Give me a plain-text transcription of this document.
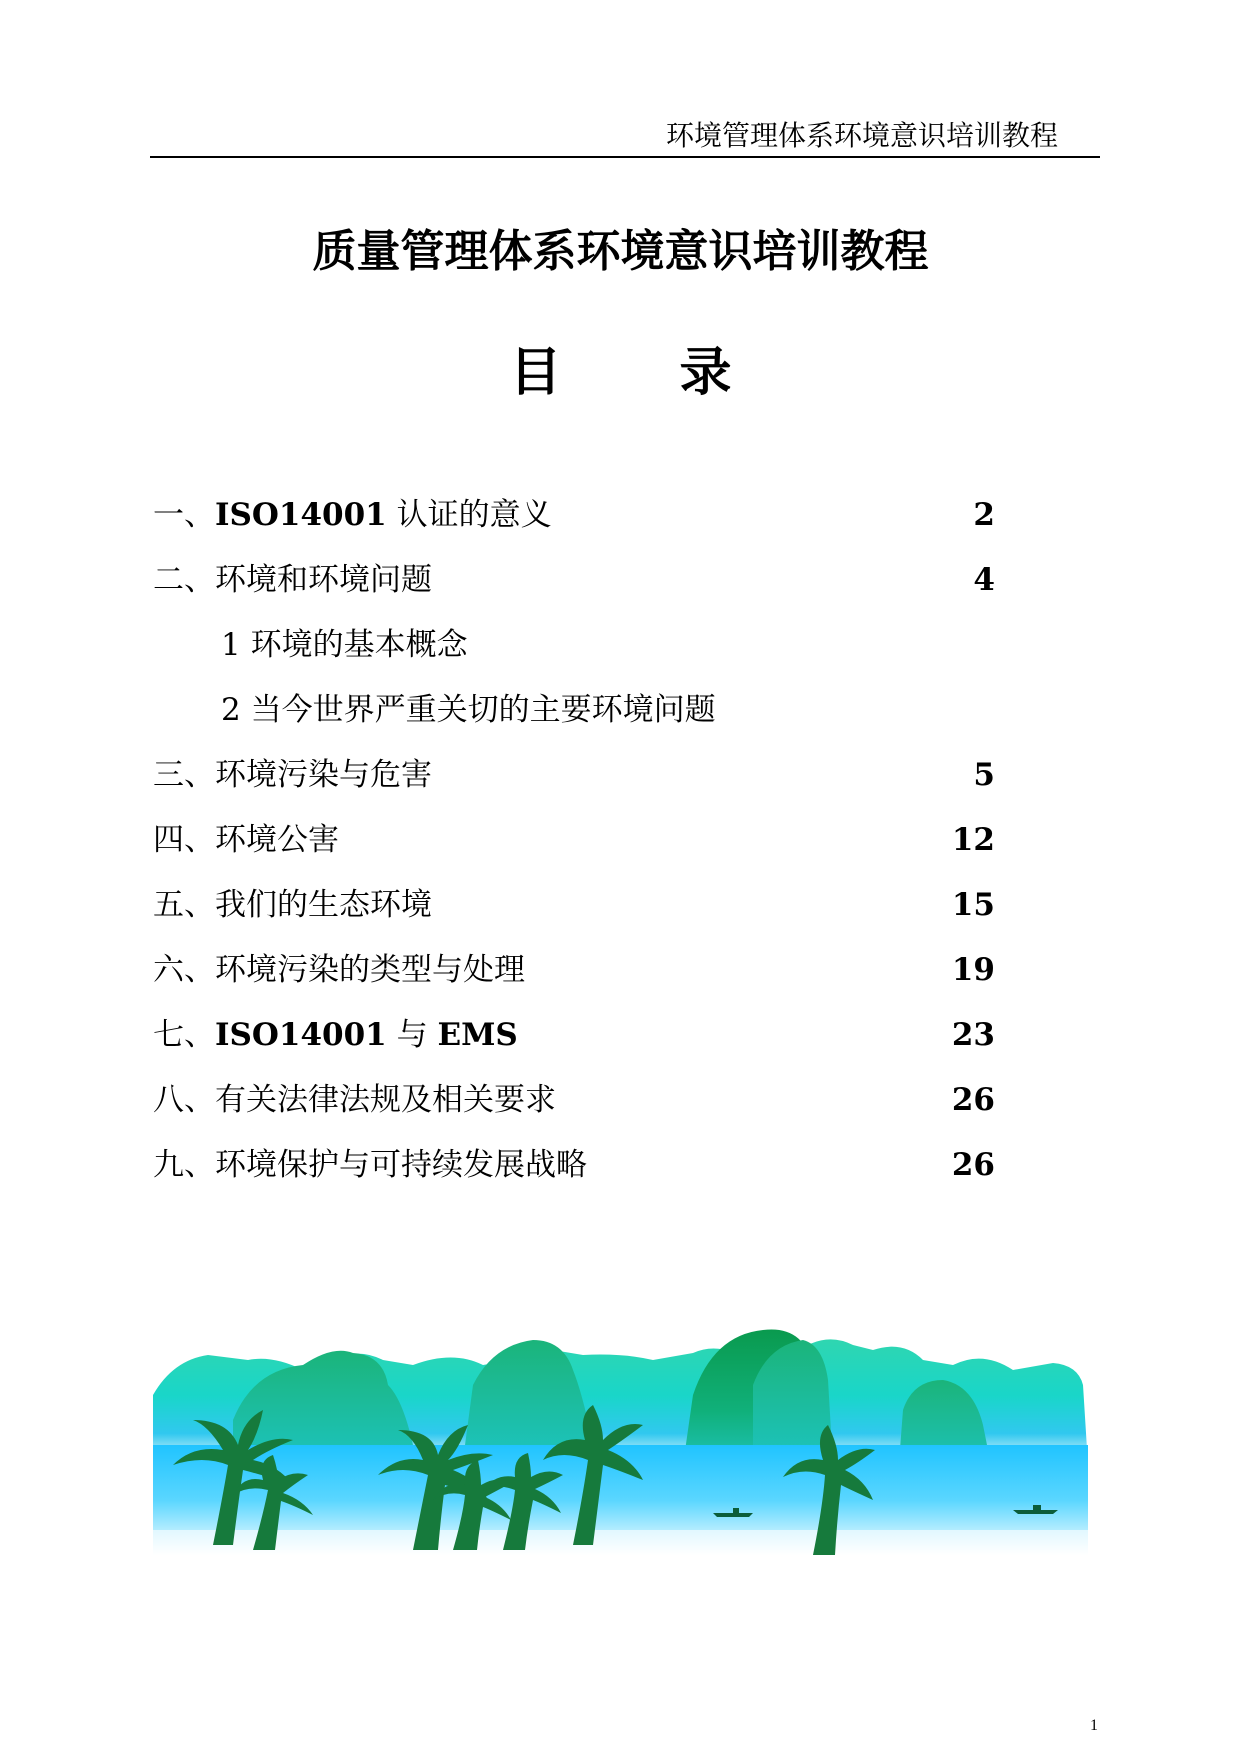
环境管理体系环境意识培训教程
质量管理体系环境意识培训教程
目 录
一、ISO14001 认证的意义	2
二、环境和环境问题	4
1 环境的基本概念
2 当今世界严重关切的主要环境问题
三、环境污染与危害	5
四、环境公害	12
五、我们的生态环境	15
六、环境污染的类型与处理	19
七、ISO14001 与 EMS	23
八、有关法律法规及相关要求	26
九、环境保护与可持续发展战略	26
1
